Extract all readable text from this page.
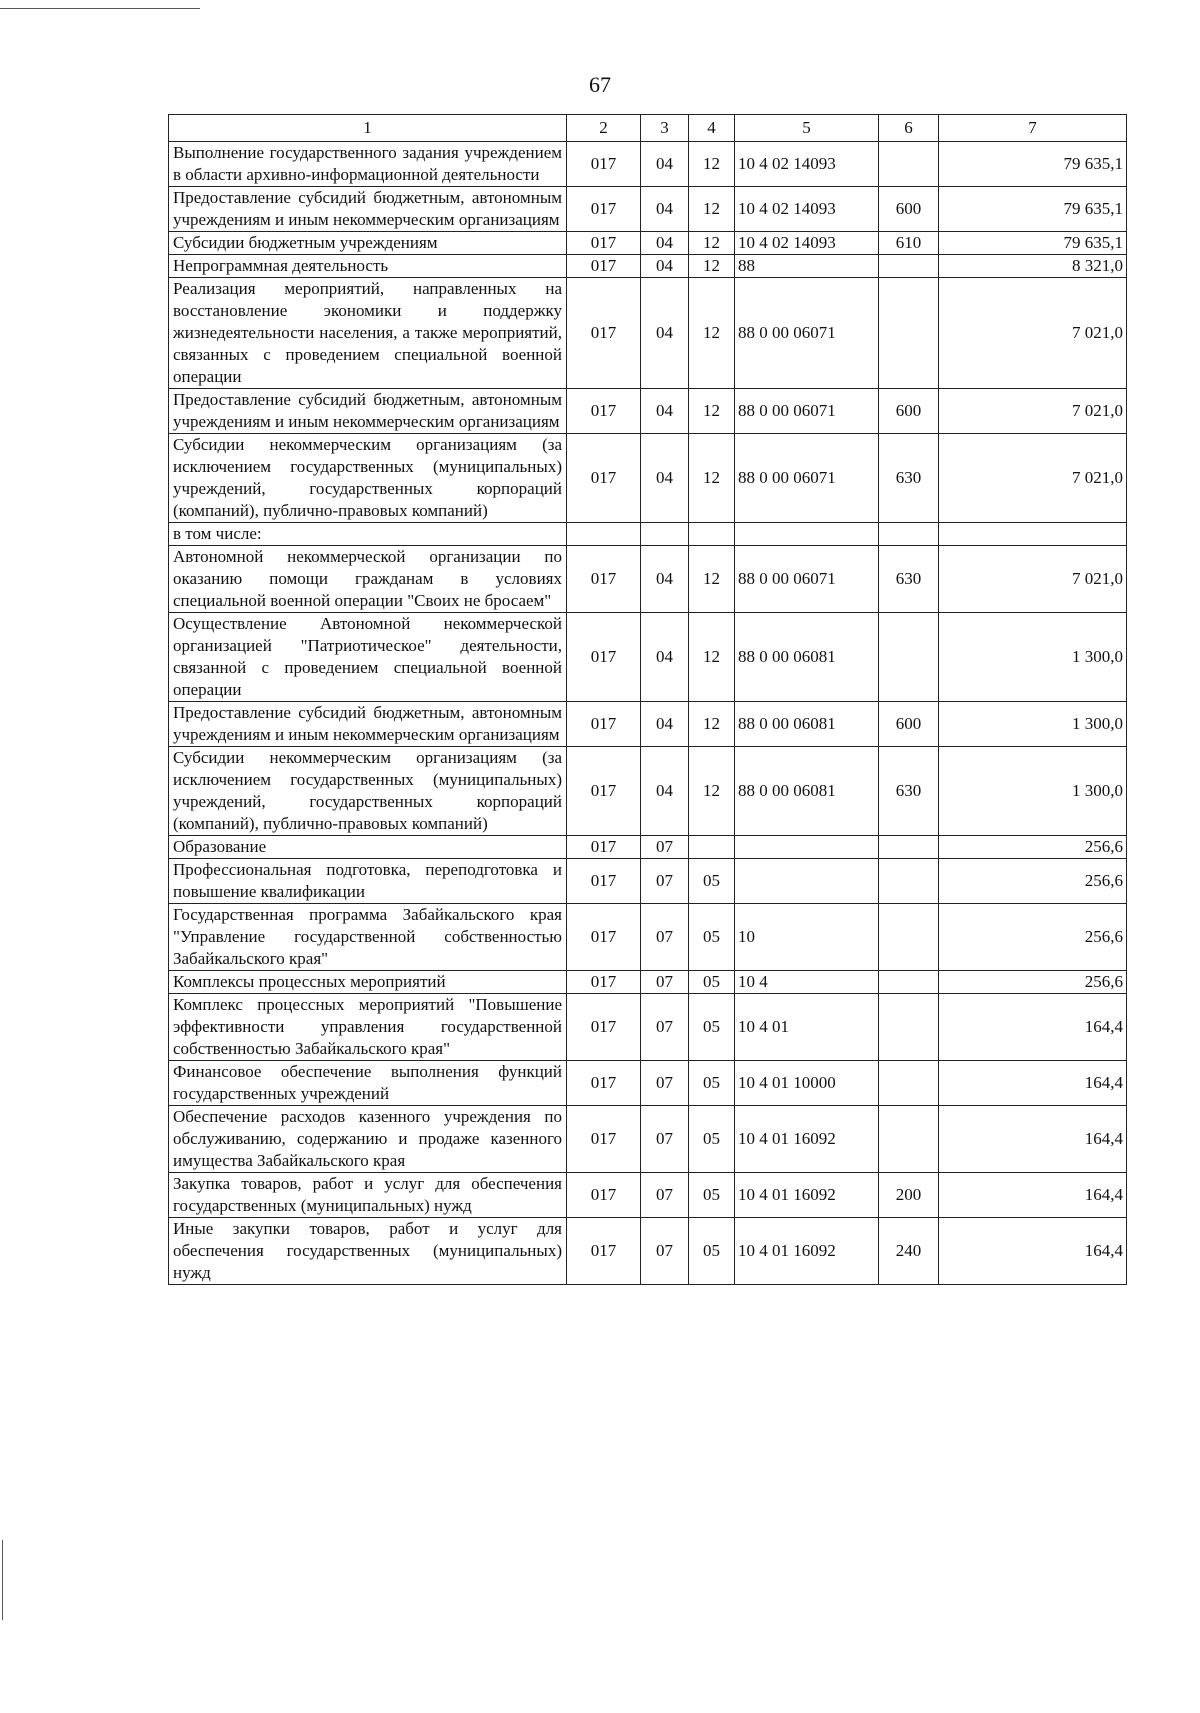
67
1	2	3	4	5	6	7
Выполнение государственного задания учреждением в области архивно-информационной деятельности	017	04	12	10 4 02 14093		79 635,1
Предоставление субсидий бюджетным, автономным учреждениям и иным некоммерческим организациям	017	04	12	10 4 02 14093	600	79 635,1
Субсидии бюджетным учреждениям	017	04	12	10 4 02 14093	610	79 635,1
Непрограммная деятельность	017	04	12	88		8 321,0
Реализация мероприятий, направленных на восстановление экономики и поддержку жизнедеятельности населения, а также мероприятий, связанных с проведением специальной военной операции	017	04	12	88 0 00 06071		7 021,0
Предоставление субсидий бюджетным, автономным учреждениям и иным некоммерческим организациям	017	04	12	88 0 00 06071	600	7 021,0
Субсидии некоммерческим организациям (за исключением государственных (муниципальных) учреждений, государственных корпораций (компаний), публично-правовых компаний)	017	04	12	88 0 00 06071	630	7 021,0
в том числе:						
Автономной некоммерческой организации по оказанию помощи гражданам в условиях специальной военной операции "Своих не бросаем"	017	04	12	88 0 00 06071	630	7 021,0
Осуществление Автономной некоммерческой организацией "Патриотическое" деятельности, связанной с проведением специальной военной операции	017	04	12	88 0 00 06081		1 300,0
Предоставление субсидий бюджетным, автономным учреждениям и иным некоммерческим организациям	017	04	12	88 0 00 06081	600	1 300,0
Субсидии некоммерческим организациям (за исключением государственных (муниципальных) учреждений, государственных корпораций (компаний), публично-правовых компаний)	017	04	12	88 0 00 06081	630	1 300,0
Образование	017	07				256,6
Профессиональная подготовка, переподготовка и повышение квалификации	017	07	05			256,6
Государственная программа Забайкальского края "Управление государственной собственностью Забайкальского края"	017	07	05	10		256,6
Комплексы процессных мероприятий	017	07	05	10 4		256,6
Комплекс процессных мероприятий "Повышение эффективности управления государственной собственностью Забайкальского края"	017	07	05	10 4 01		164,4
Финансовое обеспечение выполнения функций государственных учреждений	017	07	05	10 4 01 10000		164,4
Обеспечение расходов казенного учреждения по обслуживанию, содержанию и продаже казенного имущества Забайкальского края	017	07	05	10 4 01 16092		164,4
Закупка товаров, работ и услуг для обеспечения государственных (муниципальных) нужд	017	07	05	10 4 01 16092	200	164,4
Иные закупки товаров, работ и услуг для обеспечения государственных (муниципальных) нужд	017	07	05	10 4 01 16092	240	164,4
